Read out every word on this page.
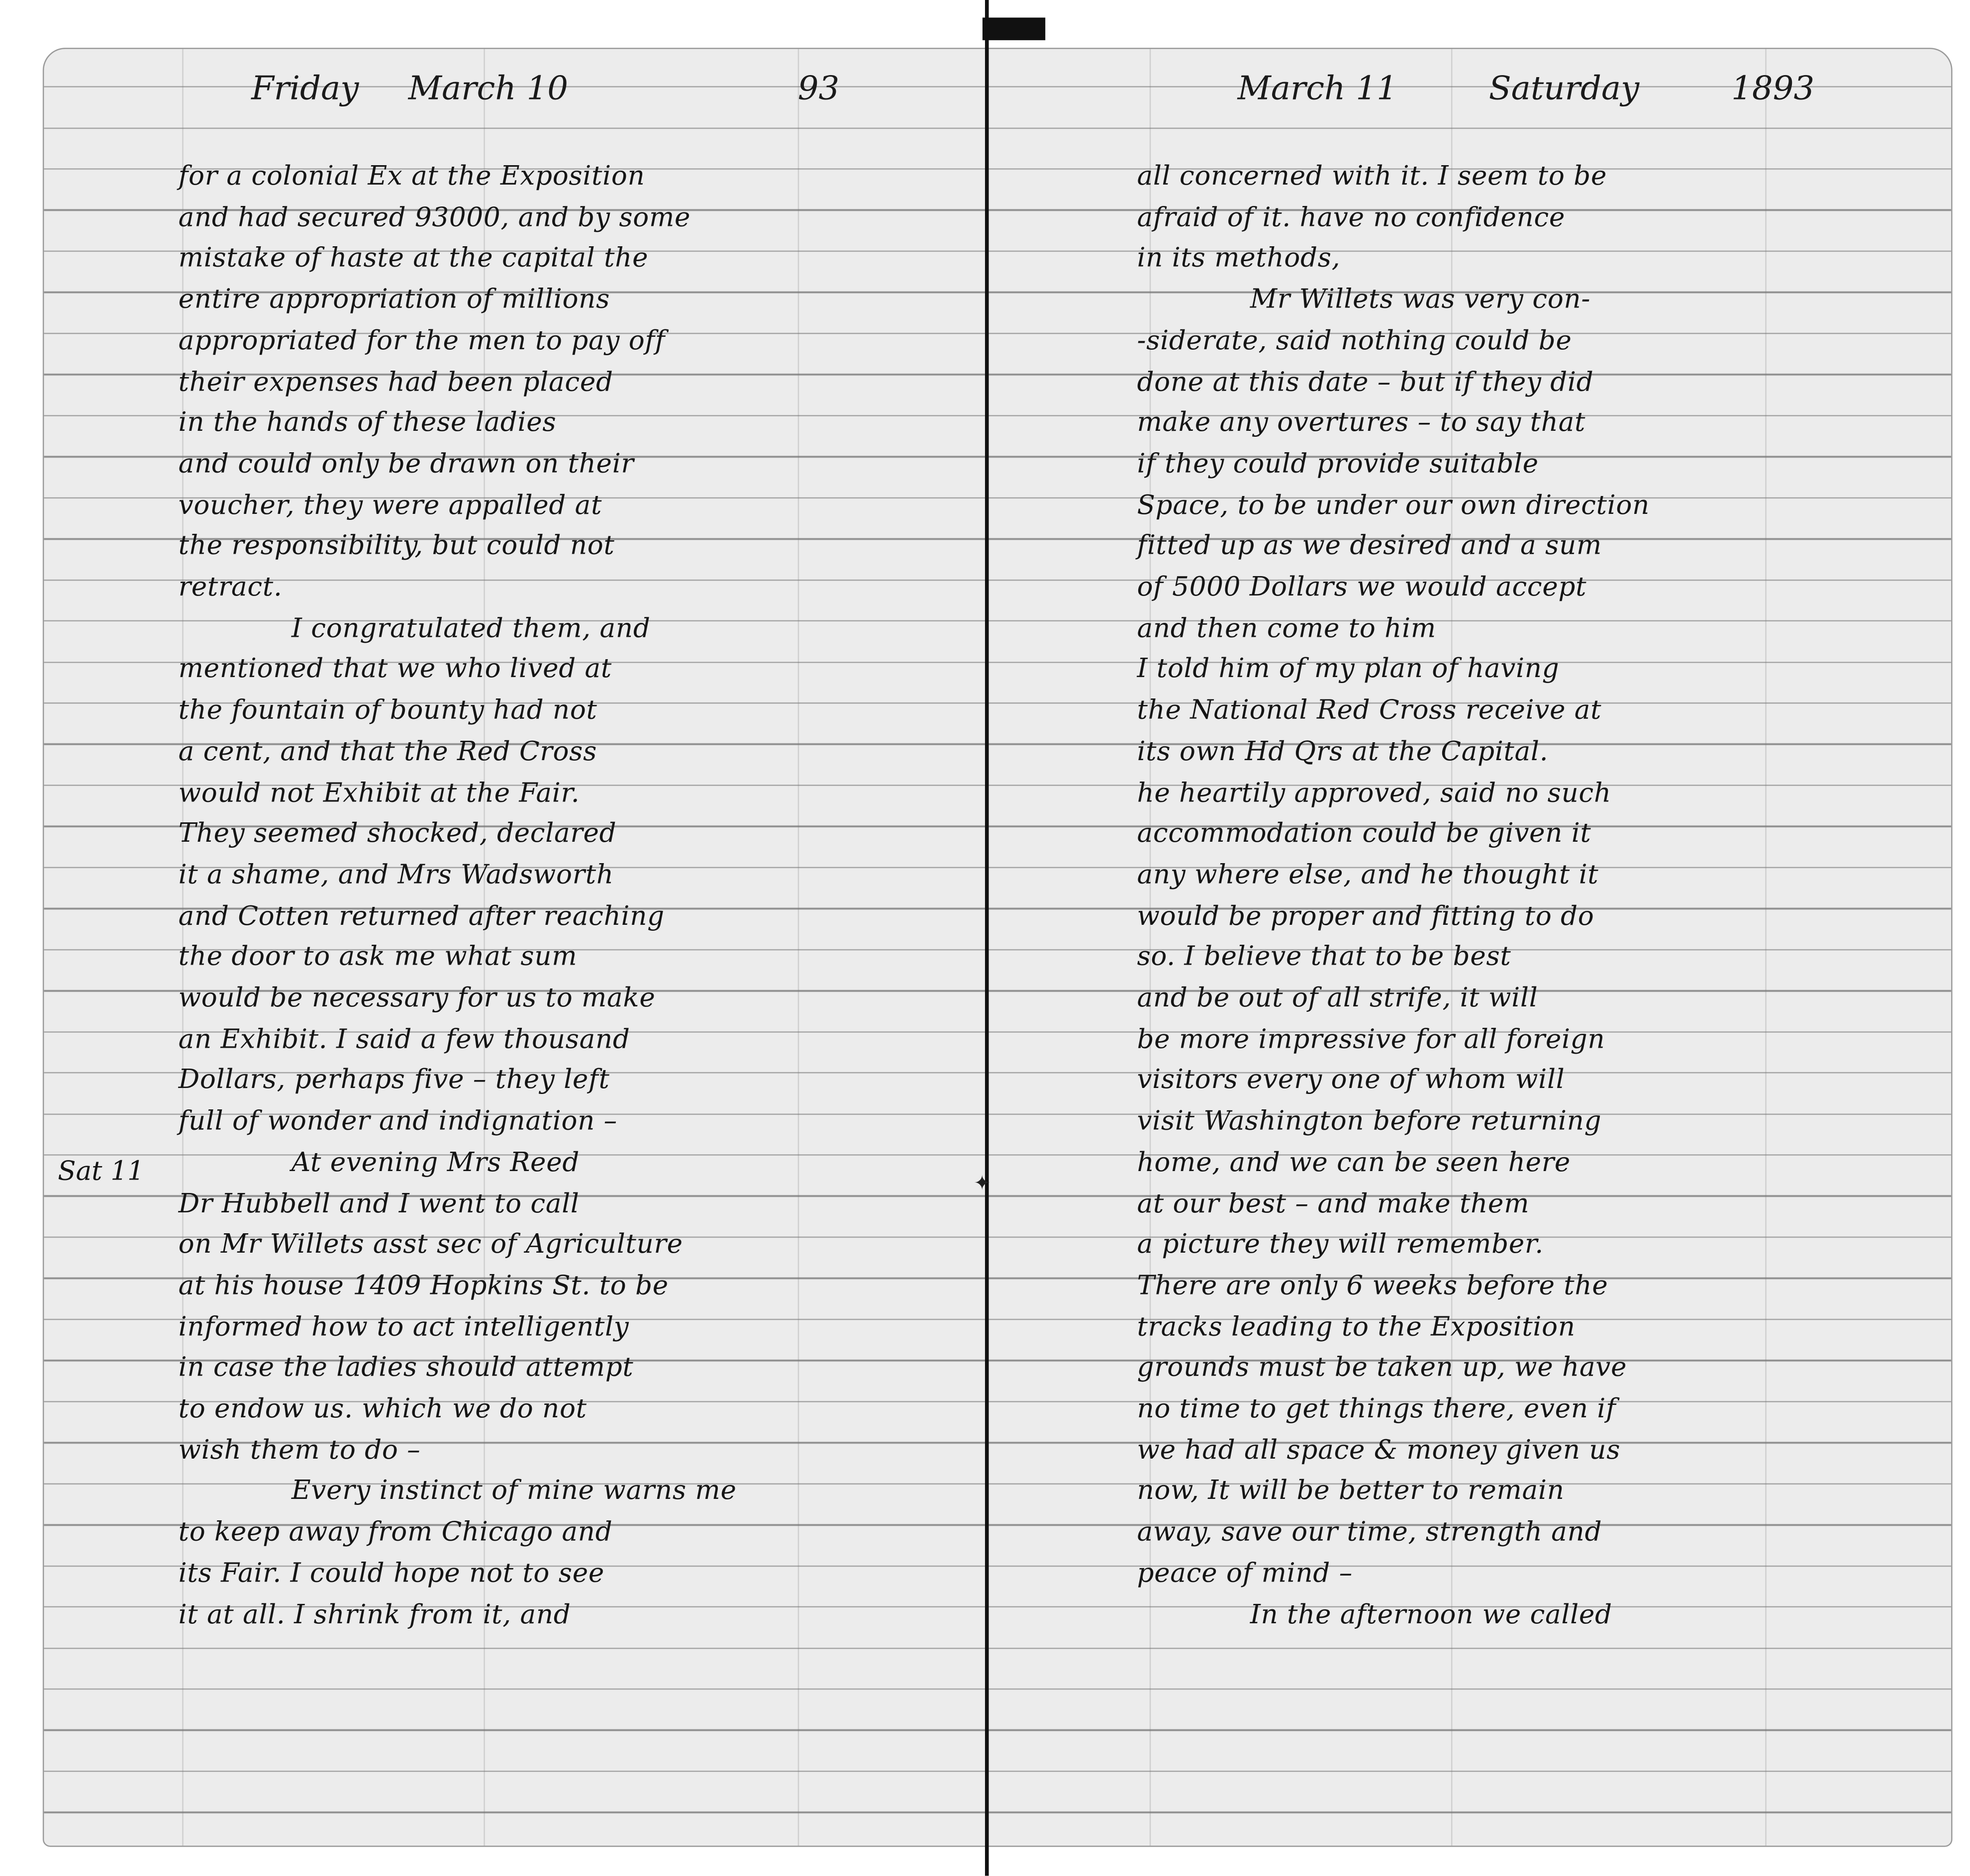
Friday	March 10	93	March 11	Saturday	1893
Sat 11	✦
for a colonial Ex at the Exposition
and had secured 93000, and by some
mistake of haste at the capital the
entire appropriation of millions
appropriated for the men to pay off
their expenses had been placed
in the hands of these ladies
and could only be drawn on their
voucher, they were appalled at
the responsibility, but could not
retract.
I congratulated them, and
mentioned that we who lived at
the fountain of bounty had not
a cent, and that the Red Cross
would not Exhibit at the Fair.
They seemed shocked, declared
it a shame, and Mrs Wadsworth
and Cotten returned after reaching
the door to ask me what sum
would be necessary for us to make
an Exhibit. I said a few thousand
Dollars, perhaps five – they left
full of wonder and indignation –
At evening Mrs Reed
Dr Hubbell and I went to call
on Mr Willets asst sec of Agriculture
at his house 1409 Hopkins St. to be
informed how to act intelligently
in case the ladies should attempt
to endow us. which we do not
wish them to do –
Every instinct of mine warns me
to keep away from Chicago and
its Fair. I could hope not to see
it at all. I shrink from it, and
all concerned with it. I seem to be
afraid of it. have no confidence
in its methods,
Mr Willets was very con-
-siderate, said nothing could be
done at this date – but if they did
make any overtures – to say that
if they could provide suitable
Space, to be under our own direction
fitted up as we desired and a sum
of 5000 Dollars we would accept
and then come to him
I told him of my plan of having
the National Red Cross receive at
its own Hd Qrs at the Capital.
he heartily approved, said no such
accommodation could be given it
any where else, and he thought it
would be proper and fitting to do
so. I believe that to be best
and be out of all strife, it will
be more impressive for all foreign
visitors every one of whom will
visit Washington before returning
home, and we can be seen here
at our best – and make them
a picture they will remember.
There are only 6 weeks before the
tracks leading to the Exposition
grounds must be taken up, we have
no time to get things there, even if
we had all space & money given us
now, It will be better to remain
away, save our time, strength and
peace of mind –
In the afternoon we called
